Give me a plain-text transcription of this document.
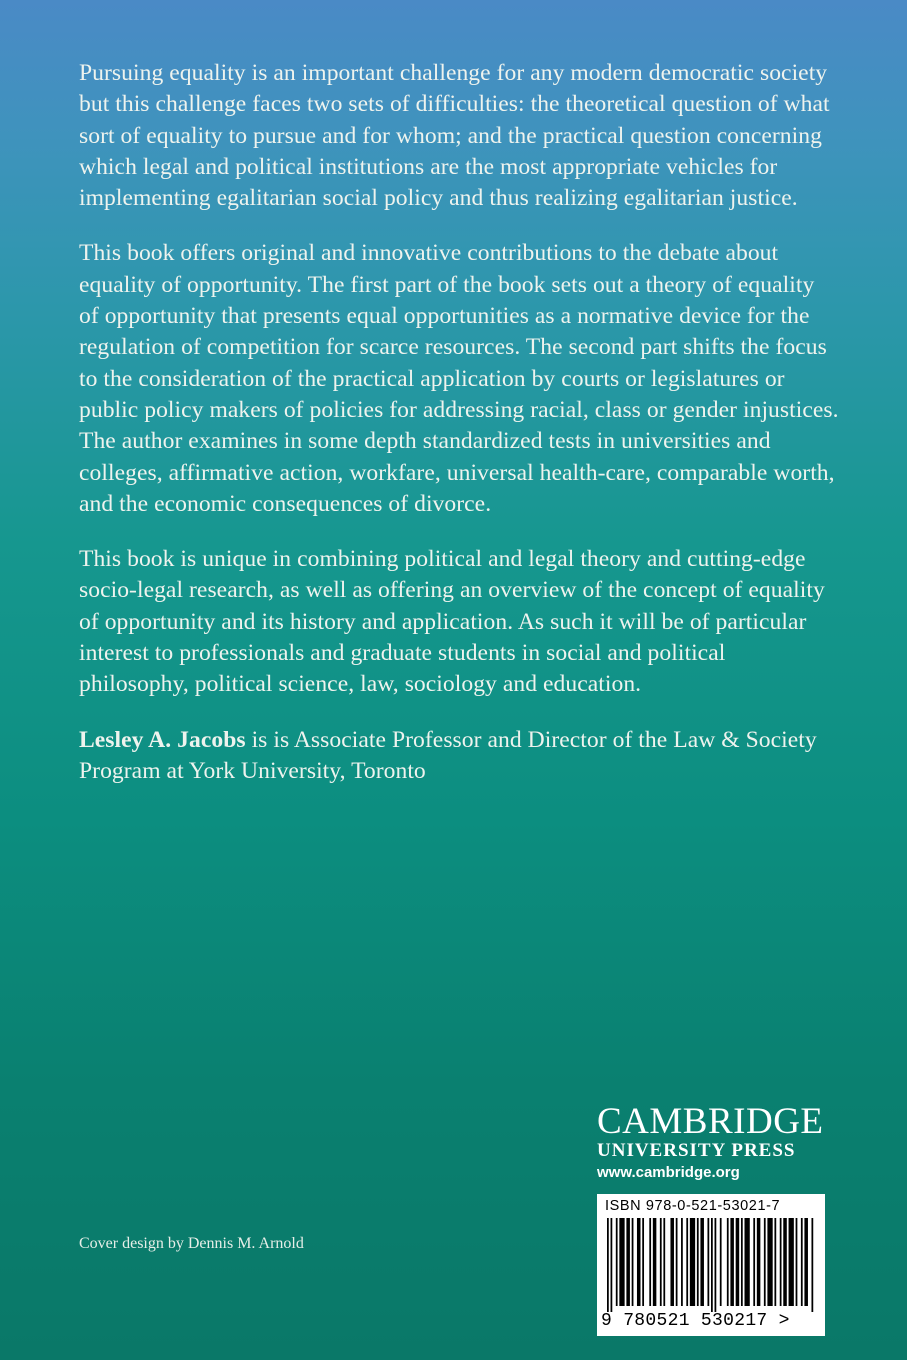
Pursuing equality is an important challenge for any modern democratic society but this challenge faces two sets of difficulties: the theoretical question of what sort of equality to pursue and for whom; and the practical question concerning which legal and political institutions are the most appropriate vehicles for implementing egalitarian social policy and thus realizing egalitarian justice.

This book offers original and innovative contributions to the debate about equality of opportunity. The first part of the book sets out a theory of equality of opportunity that presents equal opportunities as a normative device for the regulation of competition for scarce resources. The second part shifts the focus to the consideration of the practical application by courts or legislatures or public policy makers of policies for addressing racial, class or gender injustices. The author examines in some depth standardized tests in universities and colleges, affirmative action, workfare, universal health-care, comparable worth, and the economic consequences of divorce.

This book is unique in combining political and legal theory and cutting-edge socio-legal research, as well as offering an overview of the concept of equality of opportunity and its history and application. As such it will be of particular interest to professionals and graduate students in social and political philosophy, political science, law, sociology and education.

Lesley A. Jacobs is is Associate Professor and Director of the Law & Society Program at York University, Toronto

CAMBRIDGE
UNIVERSITY PRESS
www.cambridge.org
ISBN 978-0-521-53021-7
9 780521 530217 >
Cover design by Dennis M. Arnold
